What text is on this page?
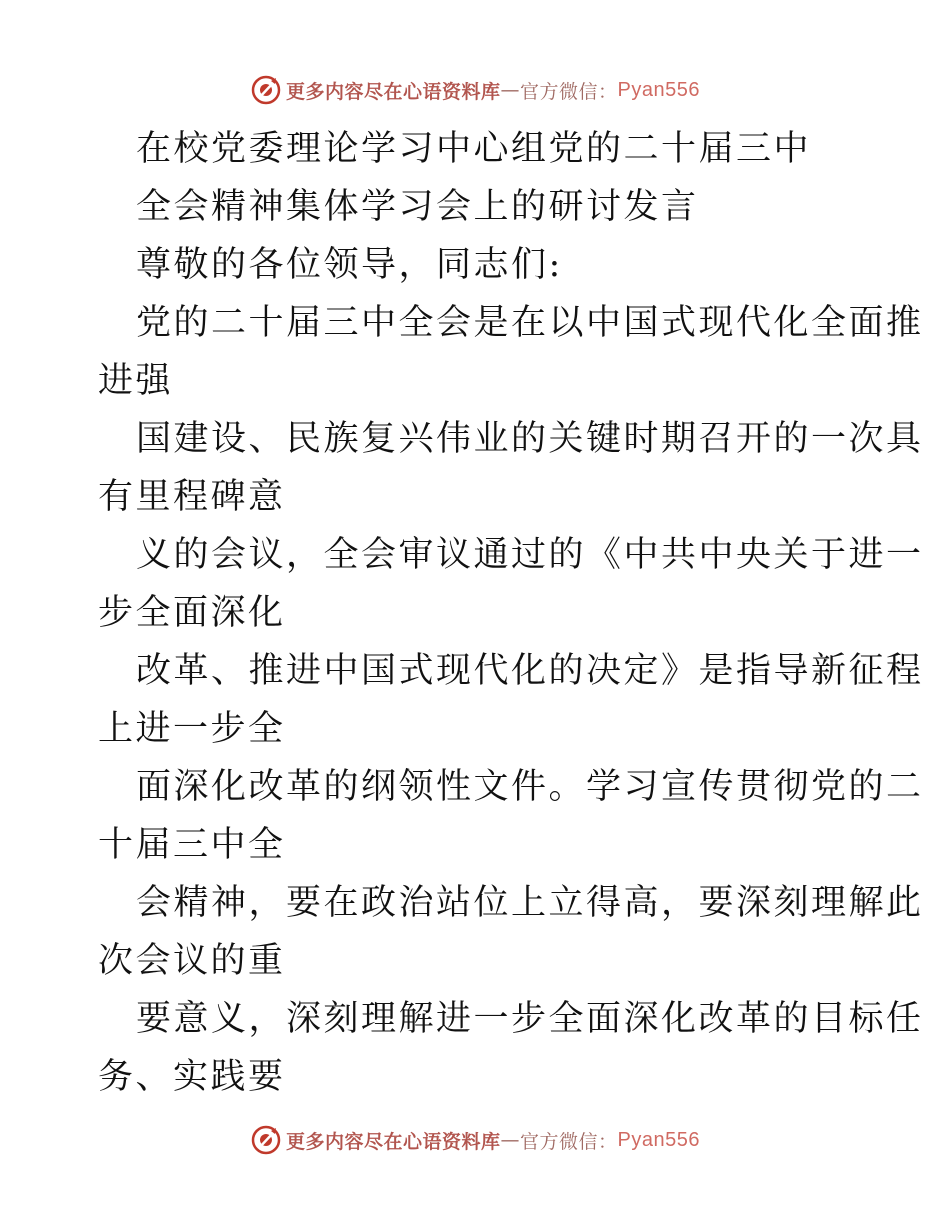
更多内容尽在心语资料库 — 官方微信： Pyan556
在校党委理论学习中心组党的二十届三中
全会精神集体学习会上的研讨发言
尊敬的各位领导，同志们:
党的二十届三中全会是在以中国式现代化全面推
进强
国建设、民族复兴伟业的关键时期召开的一次具
有里程碑意
义的会议，全会审议通过的《中共中央关于进一
步全面深化
改革、推进中国式现代化的决定》是指导新征程
上进一步全
面深化改革的纲领性文件。学习宣传贯彻党的二
十届三中全
会精神，要在政治站位上立得高，要深刻理解此
次会议的重
要意义，深刻理解进一步全面深化改革的目标任
务、实践要
更多内容尽在心语资料库 — 官方微信： Pyan556
